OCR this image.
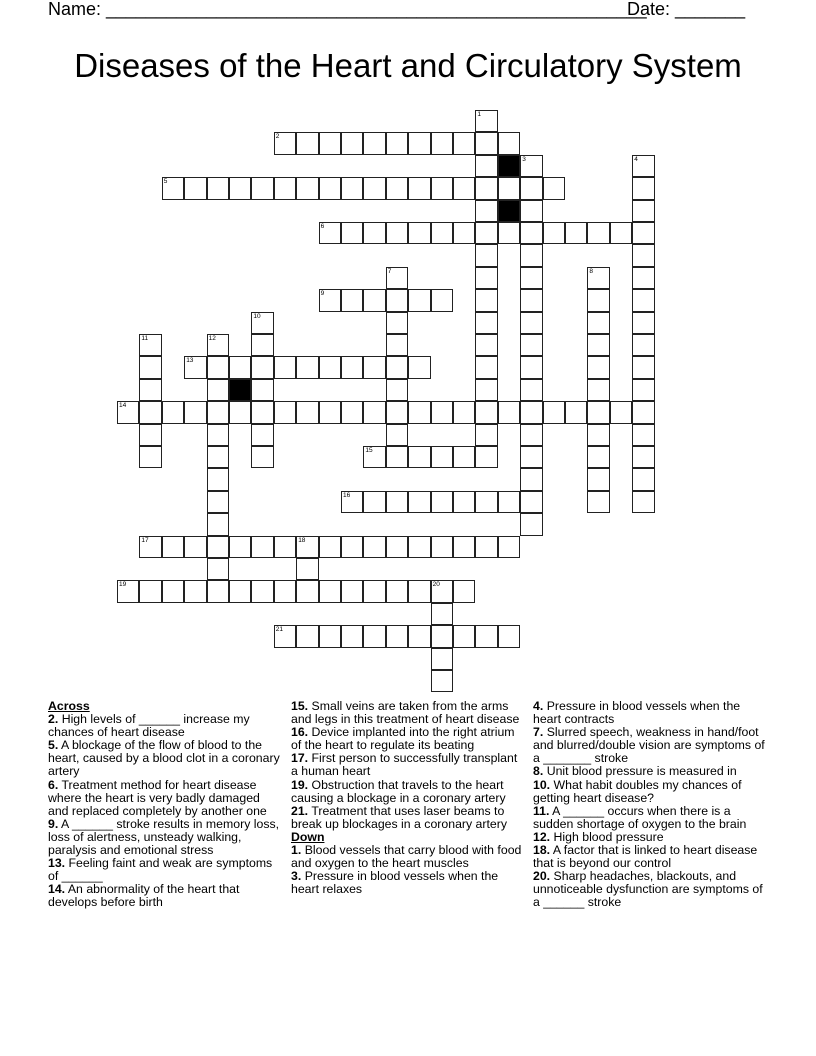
Name: ______________________________________________________
Date: _______
Diseases of the Heart and Circulatory System
2
5
6
9
13
14
15
16
17	18
19	20
21
1
3	4
7	8
10
11	12
Across
2. High levels of ______ increase my chances of heart disease
5. A blockage of the flow of blood to the heart, caused by a blood clot in a coronary artery
6. Treatment method for heart disease where the heart is very badly damaged and replaced completely by another one
9. A ______ stroke results in memory loss, loss of alertness, unsteady walking, paralysis and emotional stress
13. Feeling faint and weak are symptoms of ______
14. An abnormality of the heart that develops before birth
15. Small veins are taken from the arms and legs in this treatment of heart disease
16. Device implanted into the right atrium of the heart to regulate its beating
17. First person to successfully transplant a human heart
19. Obstruction that travels to the heart causing a blockage in a coronary artery
21. Treatment that uses laser beams to break up blockages in a coronary artery
Down
1. Blood vessels that carry blood with food and oxygen to the heart muscles
3. Pressure in blood vessels when the heart relaxes
4. Pressure in blood vessels when the heart contracts
7. Slurred speech, weakness in hand/foot and blurred/double vision are symptoms of a _______ stroke
8. Unit blood pressure is measured in
10. What habit doubles my chances of getting heart disease?
11. A ______ occurs when there is a sudden shortage of oxygen to the brain
12. High blood pressure
18. A factor that is linked to heart disease that is beyond our control
20. Sharp headaches, blackouts, and unnoticeable dysfunction are symptoms of a ______ stroke
